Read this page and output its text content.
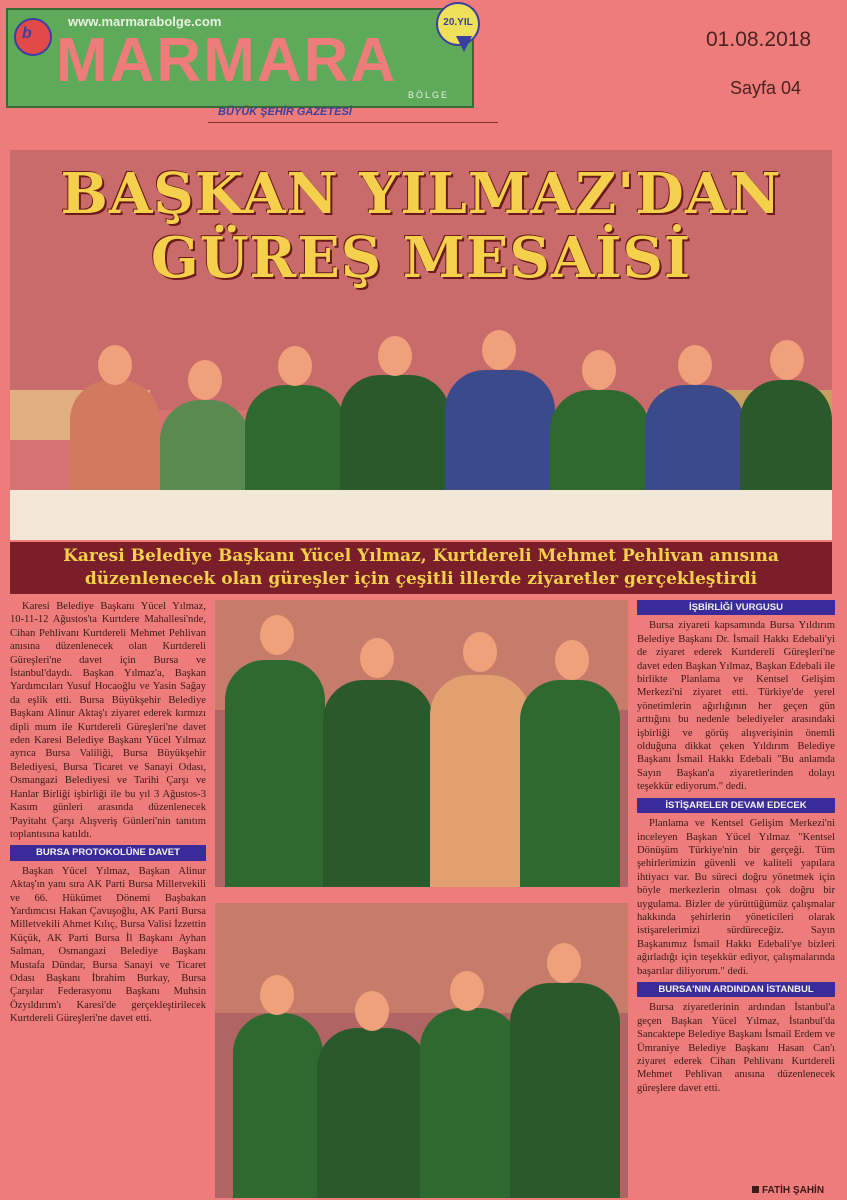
b
www.marmarabolge.com
MARMARA BÖLGE
20.YIL
BÜYÜK ŞEHİR GAZETESİ
01.08.2018
Sayfa 04
BAŞKAN YILMAZ'DAN
GÜREŞ MESAİSİ
Karesi Belediye Başkanı Yücel Yılmaz, Kurtdereli Mehmet Pehlivan anısına
düzenlenecek olan güreşler için çeşitli illerde ziyaretler gerçekleştirdi

Karesi Belediye Başkanı Yücel Yılmaz, 10-11-12 Ağustos'ta Kurtdere Mahallesi'nde, Cihan Pehlivanı Kurtdereli Mehmet Pehlivan anısına düzenlenecek olan Kurtdereli Güreşleri'ne davet için Bursa ve İstanbul'daydı. Başkan Yılmaz'a, Başkan Yardımcıları Yusuf Hocaoğlu ve Yasin Sağay da eşlik etti. Bursa Büyükşehir Belediye Başkanı Alinur Aktaş'ı ziyaret ederek kırmızı dipli mum ile Kurtdereli Güreşleri'ne davet eden Karesi Belediye Başkanı Yücel Yılmaz ayrıca Bursa Valiliği, Bursa Büyükşehir Belediyesi, Bursa Ticaret ve Sanayi Odası, Osmangazi Belediyesi ve Tarihi Çarşı ve Hanlar Birliği işbirliği ile bu yıl 3 Ağustos-3 Kasım günleri arasında düzenlenecek 'Payitaht Çarşı Alışveriş Günleri'nin tanıtım toplantısına katıldı.

BURSA PROTOKOLÜNE DAVET

Başkan Yücel Yılmaz, Başkan Alinur Aktaş'ın yanı sıra AK Parti Bursa Milletvekili ve 66. Hükümet Dönemi Başbakan Yardımcısı Hakan Çavuşoğlu, AK Parti Bursa Milletvekili Ahmet Kılıç, Bursa Valisi İzzettin Küçük, AK Parti Bursa İl Başkanı Ayhan Salman, Osmangazi Belediye Başkanı Mustafa Dündar, Bursa Sanayi ve Ticaret Odası Başkanı İbrahim Burkay, Bursa Çarşılar Federasyonu Başkanı Muhsin Özyıldırım'ı Karesi'de gerçekleştirilecek Kurtdereli Güreşleri'ne davet etti.

İŞBİRLİĞİ VURGUSU

Bursa ziyareti kapsamında Bursa Yıldırım Belediye Başkanı Dr. İsmail Hakkı Edebali'yi de ziyaret ederek Kurtdereli Güreşleri'ne davet eden Başkan Yılmaz, Başkan Edebali ile birlikte Planlama ve Kentsel Gelişim Merkezi'ni ziyaret etti. Türkiye'de yerel yönetimlerin ağırlığının her geçen gün arttığını bu nedenle belediyeler arasındaki işbirliği ve görüş alışverişinin önemli olduğuna dikkat çeken Yıldırım Belediye Başkanı İsmail Hakkı Edebali "Bu anlamda Sayın Başkan'a ziyaretlerinden dolayı teşekkür ediyorum." dedi.

İSTİŞARELER DEVAM EDECEK

Planlama ve Kentsel Gelişim Merkezi'ni inceleyen Başkan Yücel Yılmaz "Kentsel Dönüşüm Türkiye'nin bir gerçeği. Tüm şehirlerimizin güvenli ve kaliteli yapılara ihtiyacı var. Bu süreci doğru yönetmek için böyle merkezlerin olması çok doğru bir uygulama. Bizler de yürüttüğümüz çalışmalar hakkında şehirlerin yöneticileri olarak istişarelerimizi sürdüreceğiz. Sayın Başkanımız İsmail Hakkı Edebali'ye bizleri ağırladığı için teşekkür ediyor, çalışmalarında başarılar diliyorum." dedi.

BURSA'NIN ARDINDAN İSTANBUL

Bursa ziyaretlerinin ardından İstanbul'a geçen Başkan Yücel Yılmaz, İstanbul'da Sancaktepe Belediye Başkanı İsmail Erdem ve Ümraniye Belediye Başkanı Hasan Can'ı ziyaret ederek Cihan Pehlivanı Kurtdereli Mehmet Pehlivan anısına düzenlenecek güreşlere davet etti.

FATİH ŞAHİN
